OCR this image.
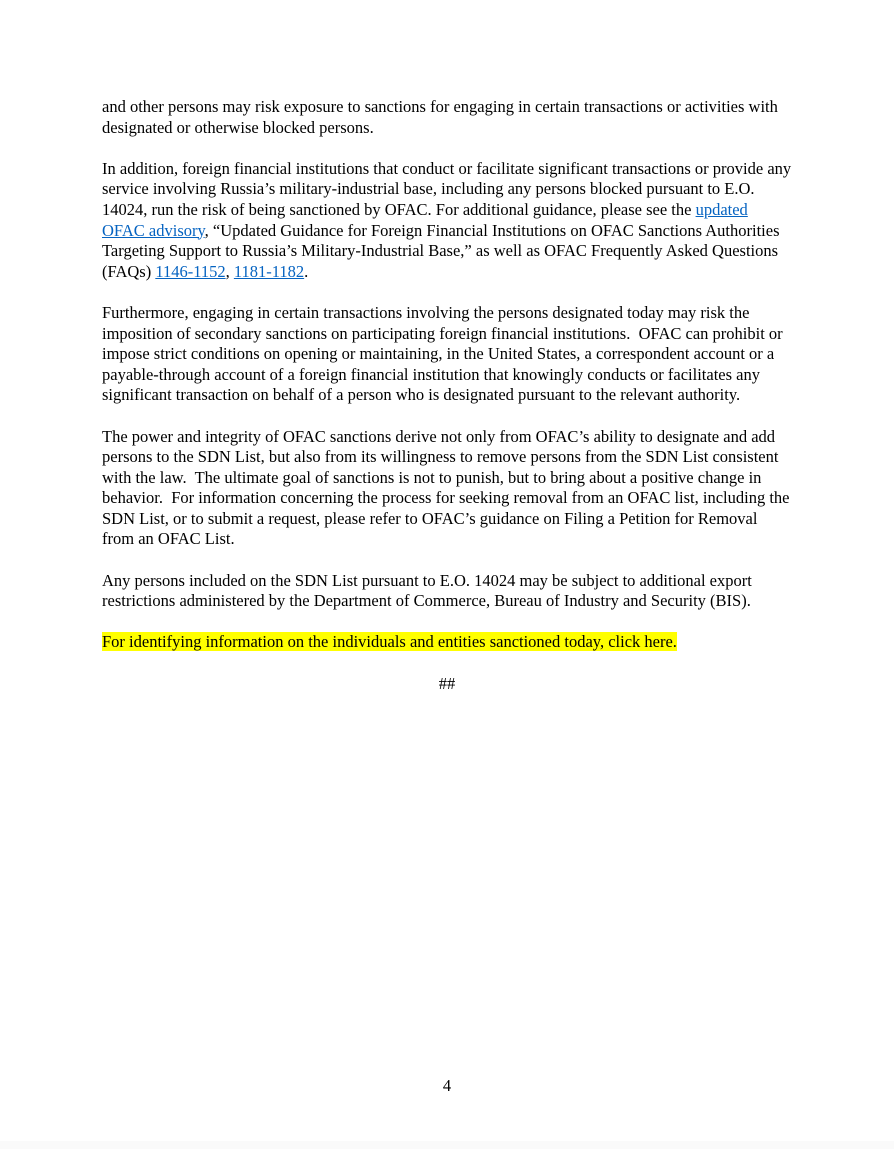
and other persons may risk exposure to sanctions for engaging in certain transactions or activities with designated or otherwise blocked persons.

In addition, foreign financial institutions that conduct or facilitate significant transactions or provide any service involving Russia’s military-industrial base, including any persons blocked pursuant to E.O. 14024, run the risk of being sanctioned by OFAC. For additional guidance, please see the updated OFAC advisory, “Updated Guidance for Foreign Financial Institutions on OFAC Sanctions Authorities Targeting Support to Russia’s Military-Industrial Base,” as well as OFAC Frequently Asked Questions (FAQs) 1146-1152, 1181-1182.

Furthermore, engaging in certain transactions involving the persons designated today may risk the imposition of secondary sanctions on participating foreign financial institutions.  OFAC can prohibit or impose strict conditions on opening or maintaining, in the United States, a correspondent account or a payable-through account of a foreign financial institution that knowingly conducts or facilitates any significant transaction on behalf of a person who is designated pursuant to the relevant authority.

The power and integrity of OFAC sanctions derive not only from OFAC’s ability to designate and add persons to the SDN List, but also from its willingness to remove persons from the SDN List consistent with the law.  The ultimate goal of sanctions is not to punish, but to bring about a positive change in behavior.  For information concerning the process for seeking removal from an OFAC list, including the SDN List, or to submit a request, please refer to OFAC’s guidance on Filing a Petition for Removal from an OFAC List.

Any persons included on the SDN List pursuant to E.O. 14024 may be subject to additional export restrictions administered by the Department of Commerce, Bureau of Industry and Security (BIS).

For identifying information on the individuals and entities sanctioned today, click here.

##

4
